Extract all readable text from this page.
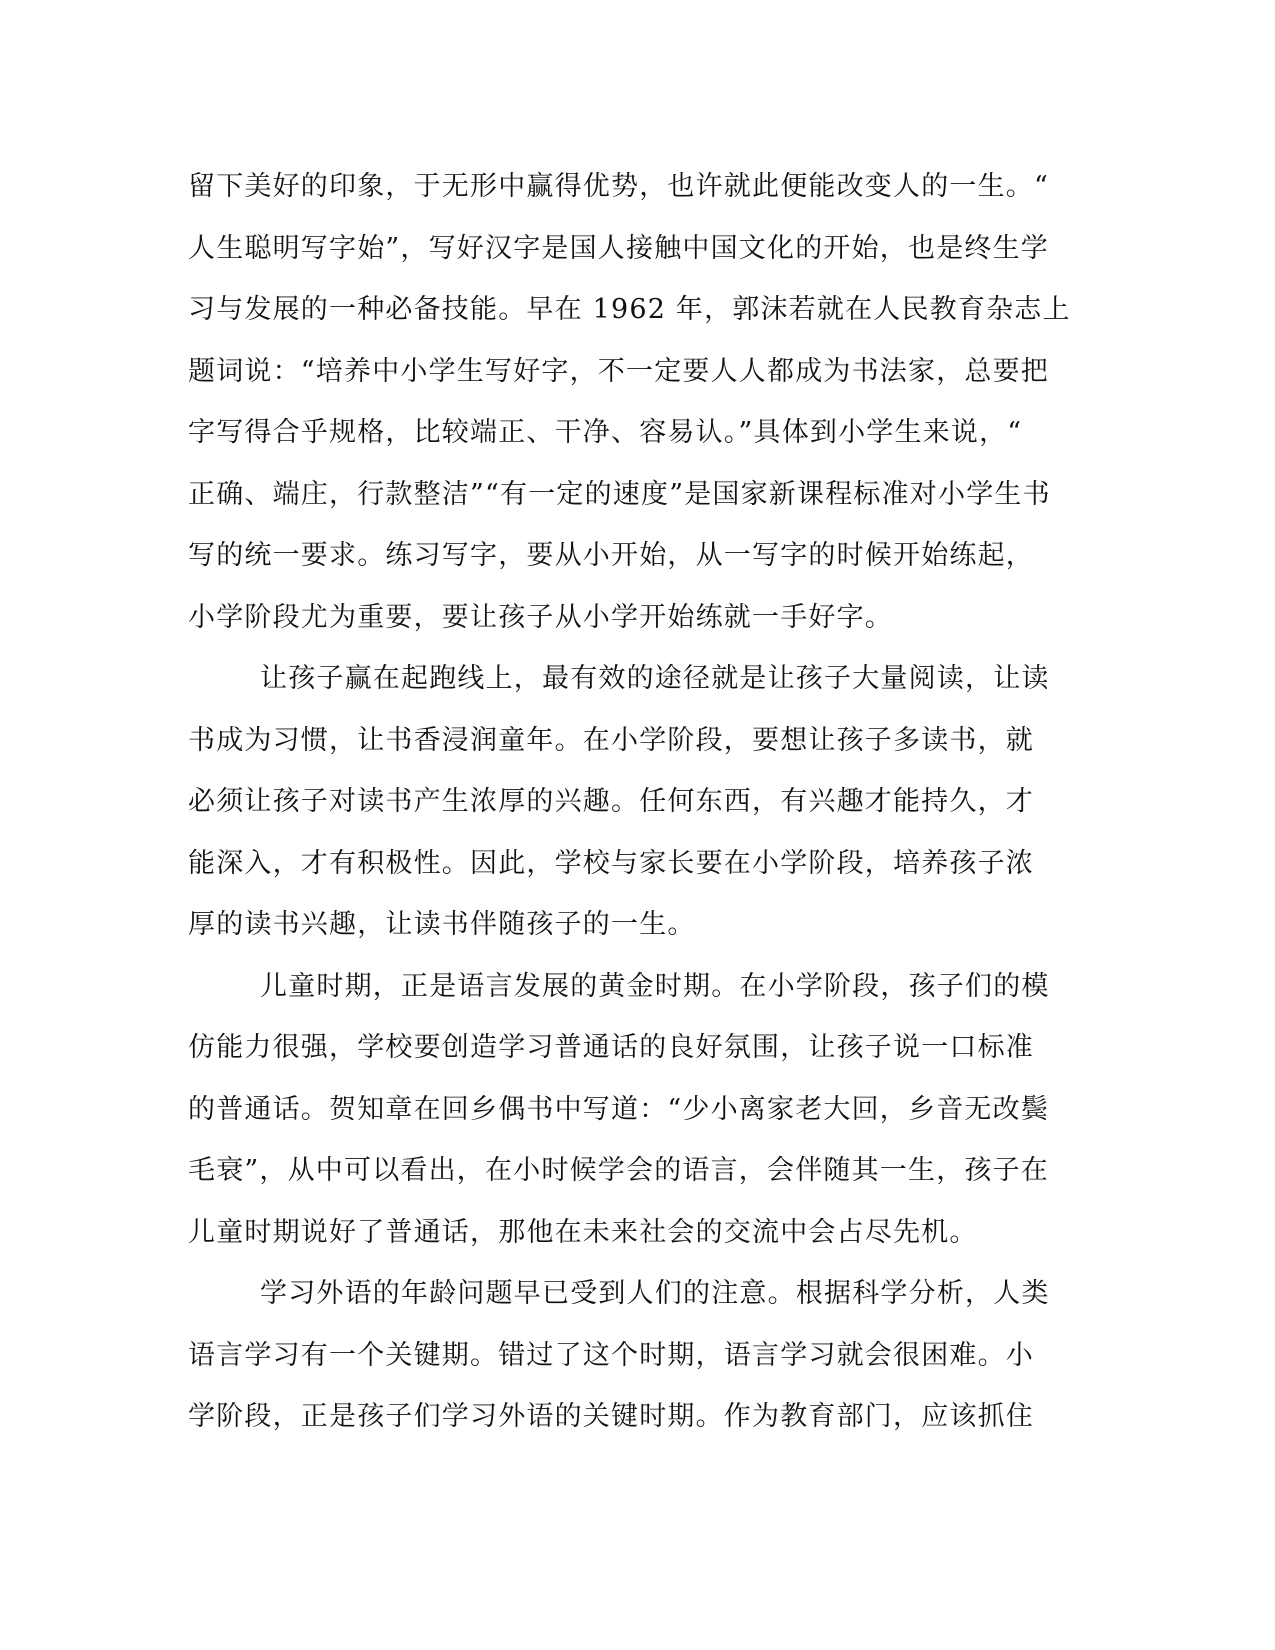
留下美好的印象，于无形中赢得优势，也许就此便能改变人的一生。“
人生聪明写字始”，写好汉字是国人接触中国文化的开始，也是终生学
习与发展的一种必备技能。早在 1962 年，郭沫若就在人民教育杂志上
题词说：“培养中小学生写好字，不一定要人人都成为书法家，总要把
字写得合乎规格，比较端正、干净、容易认。”具体到小学生来说，“
正确、端庄，行款整洁”“有一定的速度”是国家新课程标准对小学生书
写的统一要求。练习写字，要从小开始，从一写字的时候开始练起，
小学阶段尤为重要，要让孩子从小学开始练就一手好字。
让孩子赢在起跑线上，最有效的途径就是让孩子大量阅读，让读
书成为习惯，让书香浸润童年。在小学阶段，要想让孩子多读书，就
必须让孩子对读书产生浓厚的兴趣。任何东西，有兴趣才能持久，才
能深入，才有积极性。因此，学校与家长要在小学阶段，培养孩子浓
厚的读书兴趣，让读书伴随孩子的一生。
儿童时期，正是语言发展的黄金时期。在小学阶段，孩子们的模
仿能力很强，学校要创造学习普通话的良好氛围，让孩子说一口标准
的普通话。贺知章在回乡偶书中写道：“少小离家老大回，乡音无改鬓
毛衰”，从中可以看出，在小时候学会的语言，会伴随其一生，孩子在
儿童时期说好了普通话，那他在未来社会的交流中会占尽先机。
学习外语的年龄问题早已受到人们的注意。根据科学分析，人类
语言学习有一个关键期。错过了这个时期，语言学习就会很困难。小
学阶段，正是孩子们学习外语的关键时期。作为教育部门，应该抓住
